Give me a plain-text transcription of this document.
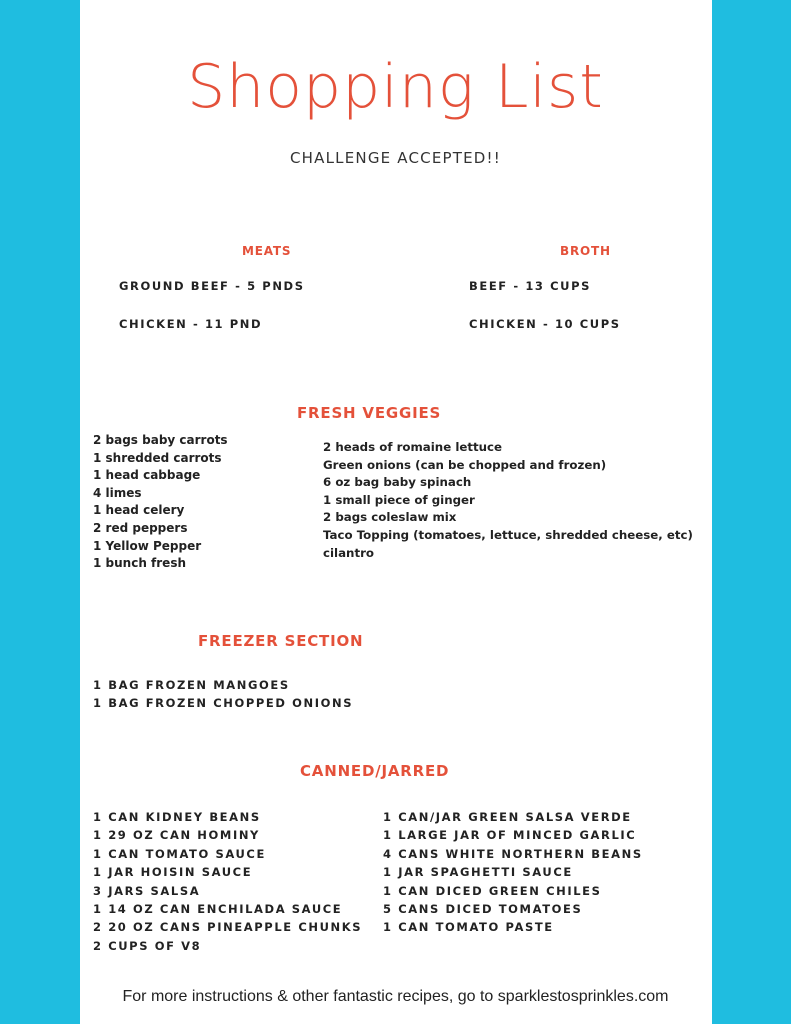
Shopping List
CHALLENGE ACCEPTED!!
MEATS
GROUND BEEF - 5 PNDS
CHICKEN - 11 PND
BROTH
BEEF - 13 CUPS
CHICKEN - 10 CUPS
FRESH VEGGIES
2 bags baby carrots
1 shredded carrots
1 head cabbage
4 limes
1 head celery
2 red peppers
1 Yellow Pepper
1 bunch fresh
2 heads of romaine lettuce
Green onions (can be chopped and frozen)
6 oz bag baby spinach
1 small piece of ginger
2 bags coleslaw mix
Taco Topping (tomatoes, lettuce, shredded cheese, etc)
cilantro
FREEZER SECTION
1 BAG FROZEN MANGOES
1 BAG FROZEN CHOPPED ONIONS
CANNED/JARRED
1 CAN KIDNEY BEANS
1 29 OZ CAN HOMINY
1 CAN TOMATO SAUCE
1 JAR HOISIN SAUCE
3 JARS SALSA
1 14 OZ CAN ENCHILADA SAUCE
2 20 OZ CANS PINEAPPLE CHUNKS
2 CUPS OF V8
1 CAN/JAR GREEN SALSA VERDE
1 LARGE JAR OF MINCED GARLIC
4 CANS WHITE NORTHERN BEANS
1 JAR SPAGHETTI SAUCE
1 CAN DICED GREEN CHILES
5 CANS DICED TOMATOES
1 CAN TOMATO PASTE
For more instructions & other fantastic recipes, go to sparklestosprinkles.com
